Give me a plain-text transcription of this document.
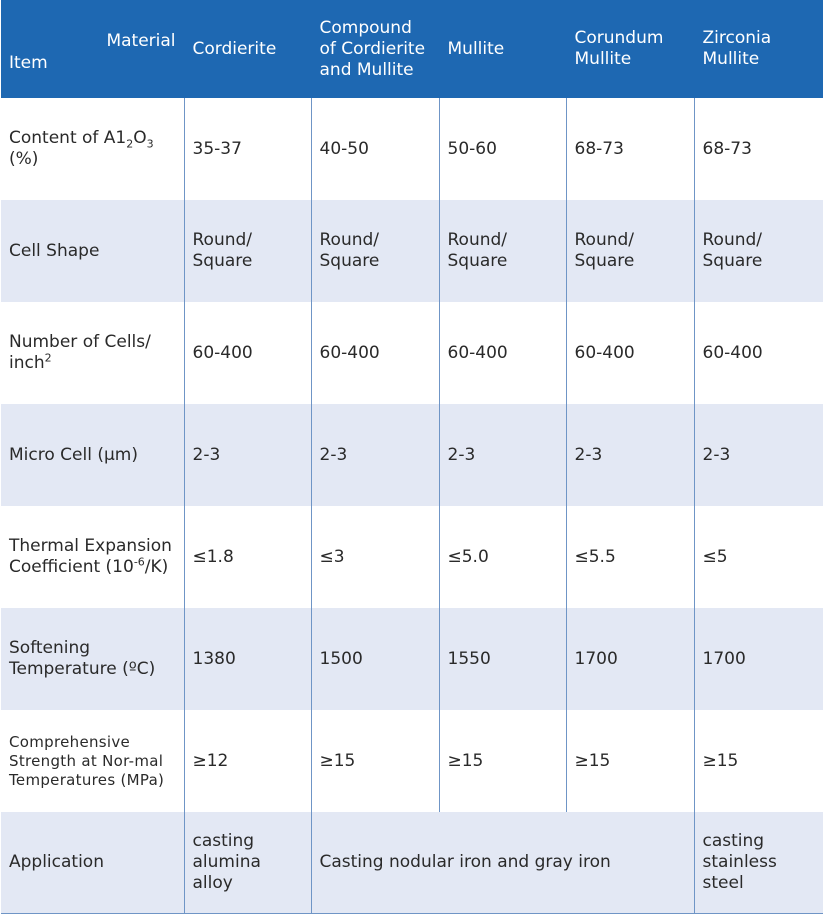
Material
Item	Cordierite	Compound of Cordierite and Mullite	Mullite	Corundum Mullite	Zirconia Mullite
Content of $A1_2O_3$ (%)	35-37	40-50	50-60	68-73	68-73
Cell Shape	Round/ Square	Round/ Square	Round/ Square	Round/ Square	Round/ Square
Number of Cells/ inch$^2$	60-400	60-400	60-400	60-400	60-400
Micro Cell (μm)	2-3	2-3	2-3	2-3	2-3
Thermal Expansion Coefficient $(10^{-6}/K)$	≤1.8	≤3	≤5.0	≤5.5	≤5
Softening Temperature (ºC)	1380	1500	1550	1700	1700
Comprehensive Strength at Nor-mal Temperatures (MPa)	≥12	≥15	≥15	≥15	≥15
Application	casting alumina alloy	Casting nodular iron and gray iron			casting stainless steel
